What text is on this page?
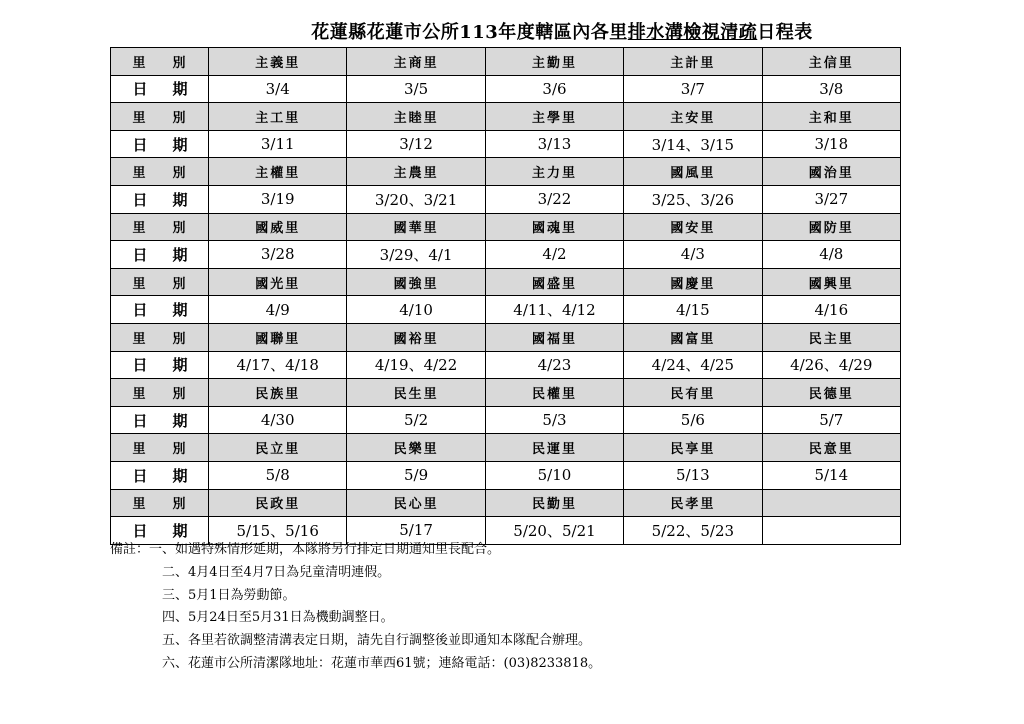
花蓮縣花蓮市公所113年度轄區內各里排水溝檢視清疏日程表
里 別	主義里	主商里	主勤里	主計里	主信里
日 期	3/4	3/5	3/6	3/7	3/8
里 別	主工里	主睦里	主學里	主安里	主和里
日 期	3/11	3/12	3/13	3/14、3/15	3/18
里 別	主權里	主農里	主力里	國風里	國治里
日 期	3/19	3/20、3/21	3/22	3/25、3/26	3/27
里 別	國威里	國華里	國魂里	國安里	國防里
日 期	3/28	3/29、4/1	4/2	4/3	4/8
里 別	國光里	國強里	國盛里	國慶里	國興里
日 期	4/9	4/10	4/11、4/12	4/15	4/16
里 別	國聯里	國裕里	國福里	國富里	民主里
日 期	4/17、4/18	4/19、4/22	4/23	4/24、4/25	4/26、4/29
里 別	民族里	民生里	民權里	民有里	民德里
日 期	4/30	5/2	5/3	5/6	5/7
里 別	民立里	民樂里	民運里	民享里	民意里
日 期	5/8	5/9	5/10	5/13	5/14
里 別	民政里	民心里	民勤里	民孝里	
日 期	5/15、5/16	5/17	5/20、5/21	5/22、5/23	
備註：一、如遇特殊情形延期，本隊將另行排定日期通知里長配合。
二、4月4日至4月7日為兒童清明連假。
三、5月1日為勞動節。
四、5月24日至5月31日為機動調整日。
五、各里若欲調整清溝表定日期，請先自行調整後並即通知本隊配合辦理。
六、花蓮市公所清潔隊地址：花蓮市華西61號；連絡電話：(03)8233818。
